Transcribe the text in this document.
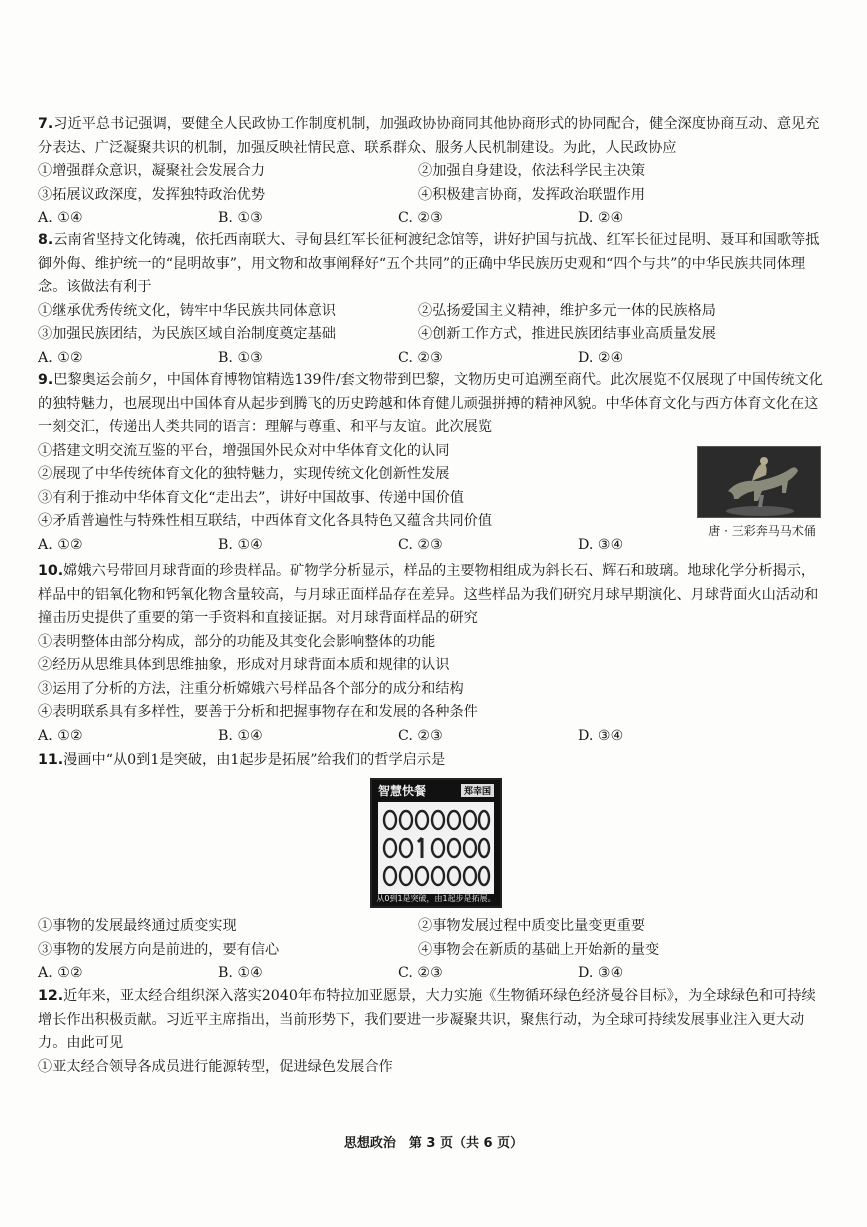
7.习近平总书记强调，要健全人民政协工作制度机制，加强政协协商同其他协商形式的协同配合，健全深度协商互动、意见充分表达、广泛凝聚共识的机制，加强反映社情民意、联系群众、服务人民机制建设。为此，人民政协应
①增强群众意识，凝聚社会发展合力	②加强自身建设，依法科学民主决策
③拓展议政深度，发挥独特政治优势	④积极建言协商，发挥政治联盟作用
A. ①④	B. ①③	C. ②③	D. ②④
8.云南省坚持文化铸魂，依托西南联大、寻甸县红军长征柯渡纪念馆等，讲好护国与抗战、红军长征过昆明、聂耳和国歌等抵御外侮、维护统一的“昆明故事”，用文物和故事阐释好“五个共同”的正确中华民族历史观和“四个与共”的中华民族共同体理念。该做法有利于
①继承优秀传统文化，铸牢中华民族共同体意识	②弘扬爱国主义精神，维护多元一体的民族格局
③加强民族团结，为民族区域自治制度奠定基础	④创新工作方式，推进民族团结事业高质量发展
A. ①②	B. ①③	C. ②③	D. ②④
9.巴黎奥运会前夕，中国体育博物馆精选139件/套文物带到巴黎，文物历史可追溯至商代。此次展览不仅展现了中国传统文化的独特魅力，也展现出中国体育从起步到腾飞的历史跨越和体育健儿顽强拼搏的精神风貌。中华体育文化与西方体育文化在这一刻交汇，传递出人类共同的语言：理解与尊重、和平与友谊。此次展览
①搭建文明交流互鉴的平台，增强国外民众对中华体育文化的认同
②展现了中华传统体育文化的独特魅力，实现传统文化创新性发展
③有利于推动中华体育文化“走出去”，讲好中国故事、传递中国价值
④矛盾普遍性与特殊性相互联结，中西体育文化各具特色又蕴含共同价值
A. ①②	B. ①④	C. ②③	D. ③④
唐 · 三彩奔马马术俑
10.嫦娥六号带回月球背面的珍贵样品。矿物学分析显示，样品的主要物相组成为斜长石、辉石和玻璃。地球化学分析揭示，样品中的铝氧化物和钙氧化物含量较高，与月球正面样品存在差异。这些样品为我们研究月球早期演化、月球背面火山活动和撞击历史提供了重要的第一手资料和直接证据。对月球背面样品的研究
①表明整体由部分构成，部分的功能及其变化会影响整体的功能
②经历从思维具体到思维抽象，形成对月球背面本质和规律的认识
③运用了分析的方法，注重分析嫦娥六号样品各个部分的成分和结构
④表明联系具有多样性，要善于分析和把握事物存在和发展的各种条件
A. ①②	B. ①④	C. ②③	D. ③④
11.漫画中“从0到1是突破，由1起步是拓展”给我们的哲学启示是
智慧快餐	郑幸国
从0到1是突破，由1起步是拓展。
①事物的发展最终通过质变实现	②事物发展过程中质变比量变更重要
③事物的发展方向是前进的，要有信心	④事物会在新质的基础上开始新的量变
A. ①②	B. ①④	C. ②③	D. ③④
12.近年来，亚太经合组织深入落实2040年布特拉加亚愿景，大力实施《生物循环绿色经济曼谷目标》，为全球绿色和可持续增长作出积极贡献。习近平主席指出，当前形势下，我们要进一步凝聚共识，聚焦行动，为全球可持续发展事业注入更大动力。由此可见
①亚太经合领导各成员进行能源转型，促进绿色发展合作
思想政治　第 3 页（共 6 页）
